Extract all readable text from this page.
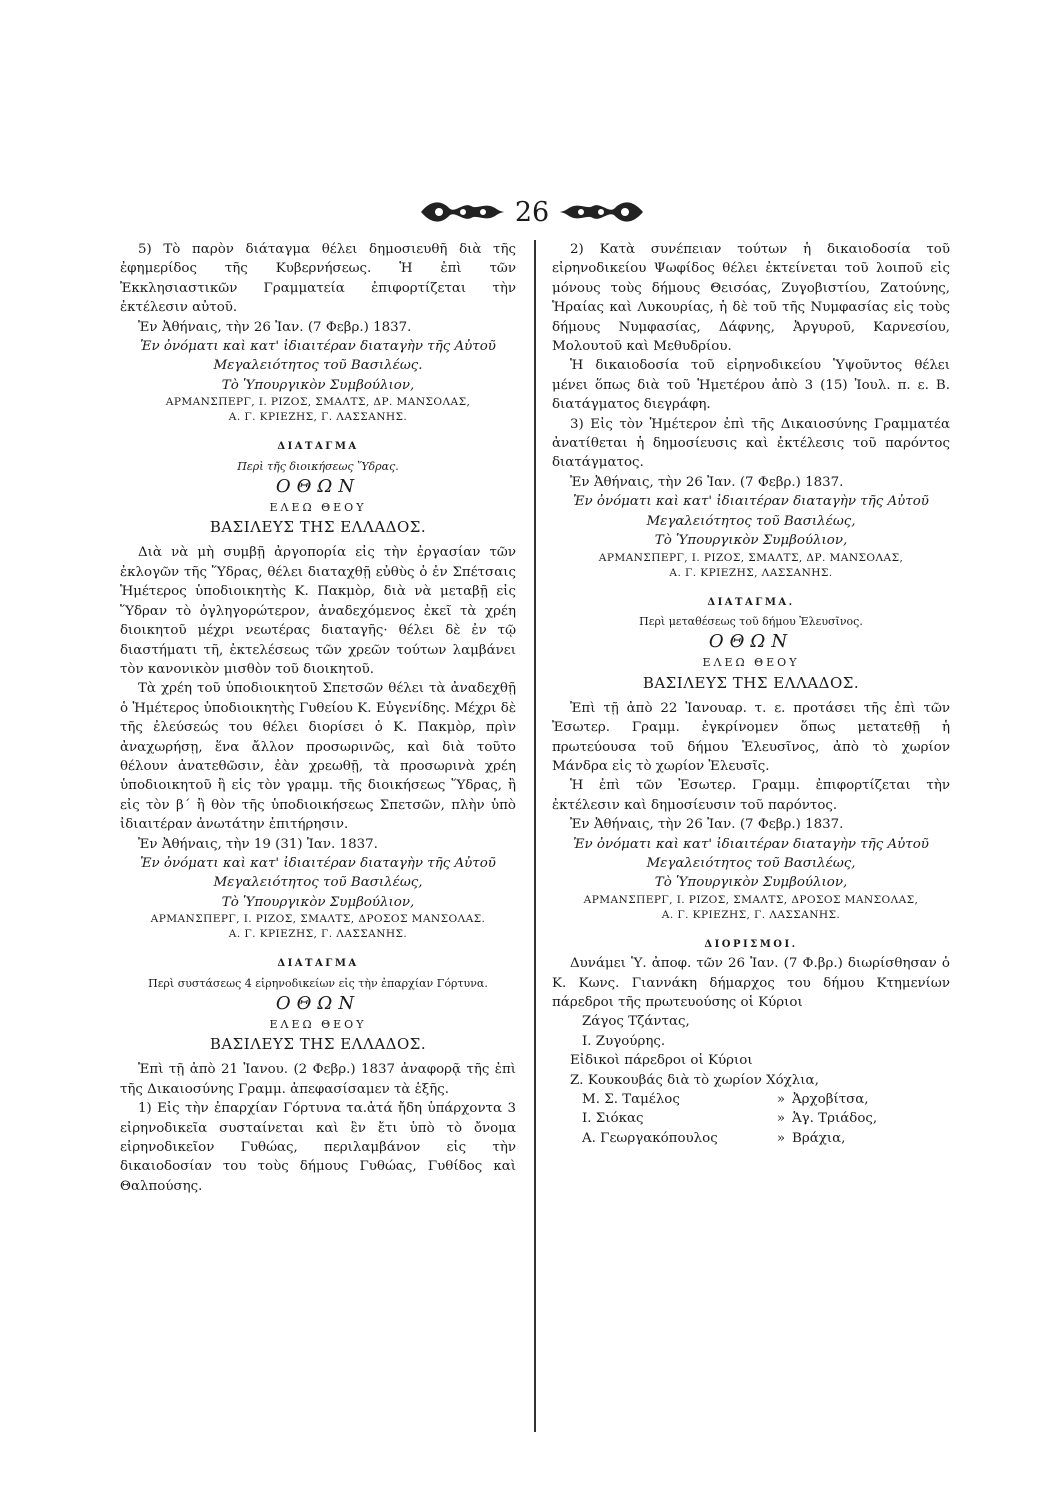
26

5) Τὸ παρὸν διάταγμα θέλει δημοσιευθῆ διὰ τῆς ἐφημερίδος τῆς Κυβερνήσεως. Ἡ ἐπὶ τῶν Ἐκκλησιαστικῶν Γραμματεία ἐπιφορτίζεται τὴν ἐκτέλεσιν αὐτοῦ.

Ἐν Ἀθήναις, τὴν 26 Ἰαν. (7 Φεβρ.) 1837.

Ἐν ὀνόματι καὶ κατ' ἰδιαιτέραν διαταγὴν τῆς Αὐτοῦ

Μεγαλειότητος τοῦ Βασιλέως.

Τὸ Ὑπουργικὸν Συμβούλιον,

ΑΡΜΑΝΣΠΕΡΓ, Ι. ΡΙΖΟΣ, ΣΜΑΛΤΣ, ΔΡ. ΜΑΝΣΟΛΑΣ,

Α. Γ. ΚΡΙΕΖΗΣ, Γ. ΛΑΣΣΑΝΗΣ.

ΔΙΑΤΑΓΜΑ

Περὶ τῆς διοικήσεως Ὕδρας.

ΟΘΩΝ

ΕΛΕΩ ΘΕΟΥ

ΒΑΣΙΛΕΥΣ ΤΗΣ ΕΛΛΑΔΟΣ.

Διὰ νὰ μὴ συμβῇ ἀργοπορία εἰς τὴν ἐργασίαν τῶν ἐκλογῶν τῆς Ὕδρας, θέλει διαταχθῇ εὐθὺς ὁ ἐν Σπέτσαις Ἡμέτερος ὑποδιοικητὴς Κ. Πακμὸρ, διὰ νὰ μεταβῇ εἰς Ὕδραν τὸ ὀγληγορώτερον, ἀναδεχόμενος ἐκεῖ τὰ χρέη διοικητοῦ μέχρι νεωτέρας διαταγῆς· θέλει δὲ ἐν τῷ διαστήματι τῆ, ἐκτελέσεως τῶν χρεῶν τούτων λαμβάνει τὸν κανονικὸν μισθὸν τοῦ διοικητοῦ.

Τὰ χρέη τοῦ ὑποδιοικητοῦ Σπετσῶν θέλει τὰ ἀναδεχθῇ ὁ Ἡμέτερος ὑποδιοικητὴς Γυθείου Κ. Εὐγενίδης. Μέχρι δὲ τῆς ἐλεύσεώς του θέλει διορίσει ὁ Κ. Πακμὸρ, πρὶν ἀναχωρήσῃ, ἕνα ἄλλον προσωρινῶς, καὶ διὰ τοῦτο θέλουν ἀνατεθῶσιν, ἐὰν χρεωθῇ, τὰ προσωρινὰ χρέη ὑποδιοικητοῦ ἢ εἰς τὸν γραμμ. τῆς διοικήσεως Ὕδρας, ἢ εἰς τὸν β΄ ἢ θὸν τῆς ὑποδιοικήσεως Σπετσῶν, πλὴν ὑπὸ ἰδιαιτέραν ἀνωτάτην ἐπιτήρησιν.

Ἐν Ἀθήναις, τὴν 19 (31) Ἰαν. 1837.

Ἐν ὀνόματι καὶ κατ' ἰδιαιτέραν διαταγὴν τῆς Αὐτοῦ

Μεγαλειότητος τοῦ Βασιλέως,

Τὸ Ὑπουργικὸν Συμβούλιον,

ΑΡΜΑΝΣΠΕΡΓ, Ι. ΡΙΖΟΣ, ΣΜΑΛΤΣ, ΔΡΟΣΟΣ ΜΑΝΣΟΛΑΣ.

Α. Γ. ΚΡΙΕΖΗΣ, Γ. ΛΑΣΣΑΝΗΣ.

ΔΙΑΤΑΓΜΑ

Περὶ συστάσεως 4 εἰρηνοδικείων εἰς τὴν ἐπαρχίαν Γόρτυνα.

ΟΘΩΝ

ΕΛΕΩ ΘΕΟΥ

ΒΑΣΙΛΕΥΣ ΤΗΣ ΕΛΛΑΔΟΣ.

Ἐπὶ τῇ ἀπὸ 21 Ἰανου. (2 Φεβρ.) 1837 ἀναφορᾷ τῆς ἐπὶ τῆς Δικαιοσύνης Γραμμ. ἀπεφασίσαμεν τὰ ἑξῆς.

1) Εἰς τὴν ἐπαρχίαν Γόρτυνα τα.ἀτά ἤδη ὑπάρχοντα 3 εἰρηνοδικεῖα συσταίνεται καὶ ἓν ἔτι ὑπὸ τὸ ὄνομα εἰρηνοδικεῖον Γυθώας, περιλαμβάνον εἰς τὴν δικαιοδοσίαν του τοὺς δήμους Γυθώας, Γυθίδος καὶ Θαλπούσης.

2) Κατὰ συνέπειαν τούτων ἡ δικαιοδοσία τοῦ εἰρηνοδικείου Ψωφίδος θέλει ἐκτείνεται τοῦ λοιποῦ εἰς μόνους τοὺς δήμους Θεισόας, Ζυγοβιστίου, Ζατούνης, Ἡραίας καὶ Λυκουρίας, ἡ δὲ τοῦ τῆς Νυμφασίας εἰς τοὺς δήμους Νυμφασίας, Δάφνης, Ἀργυροῦ, Καρνεσίου, Μολουτοῦ καὶ Μεθυδρίου.

Ἡ δικαιοδοσία τοῦ εἰρηνοδικείου Ὑψοῦντος θέλει μένει ὅπως διὰ τοῦ Ἡμετέρου ἀπὸ 3 (15) Ἰουλ. π. ε. Β. διατάγματος διεγράφη.

3) Εἰς τὸν Ἡμέτερον ἐπὶ τῆς Δικαιοσύνης Γραμματέα ἀνατίθεται ἡ δημοσίευσις καὶ ἐκτέλεσις τοῦ παρόντος διατάγματος.

Ἐν Ἀθήναις, τὴν 26 Ἰαν. (7 Φεβρ.) 1837.

Ἐν ὀνόματι καὶ κατ' ἰδιαιτέραν διαταγὴν τῆς Αὐτοῦ

Μεγαλειότητος τοῦ Βασιλέως,

Τὸ Ὑπουργικὸν Συμβούλιον,

ΑΡΜΑΝΣΠΕΡΓ, Ι. ΡΙΖΟΣ, ΣΜΑΛΤΣ, ΔΡ. ΜΑΝΣΟΛΑΣ,

Α. Γ. ΚΡΙΕΖΗΣ, ΛΑΣΣΑΝΗΣ.

ΔΙΑΤΑΓΜΑ.

Περὶ μεταθέσεως τοῦ δήμου Ἐλευσῖνος.

ΟΘΩΝ

ΕΛΕΩ ΘΕΟΥ

ΒΑΣΙΛΕΥΣ ΤΗΣ ΕΛΛΑΔΟΣ.

Ἐπὶ τῇ ἀπὸ 22 Ἰανουαρ. τ. ε. προτάσει τῆς ἐπὶ τῶν Ἐσωτερ. Γραμμ. ἐγκρίνομεν ὅπως μετατεθῇ ἡ πρωτεύουσα τοῦ δήμου Ἐλευσῖνος, ἀπὸ τὸ χωρίον Μάνδρα εἰς τὸ χωρίον Ἐλευσῖς.

Ἡ ἐπὶ τῶν Ἐσωτερ. Γραμμ. ἐπιφορτίζεται τὴν ἐκτέλεσιν καὶ δημοσίευσιν τοῦ παρόντος.

Ἐν Ἀθήναις, τὴν 26 Ἰαν. (7 Φεβρ.) 1837.

Ἐν ὀνόματι καὶ κατ' ἰδιαιτέραν διαταγὴν τῆς Αὐτοῦ

Μεγαλειότητος τοῦ Βασιλέως,

Τὸ Ὑπουργικὸν Συμβούλιον,

ΑΡΜΑΝΣΠΕΡΓ, Ι. ΡΙΖΟΣ, ΣΜΑΛΤΣ, ΔΡΟΣΟΣ ΜΑΝΣΟΛΑΣ,

Α. Γ. ΚΡΙΕΖΗΣ, Γ. ΛΑΣΣΑΝΗΣ.

ΔΙΟΡΙΣΜΟΙ.

Δυνάμει Ὑ. ἀποφ. τῶν 26 Ἰαν. (7 Φ.βρ.) διωρίσθησαν ὁ Κ. Κωνς. Γιαννάκη δήμαρχος του δήμου Κτημενίων πάρεδροι τῆς πρωτευούσης οἱ Κύριοι

Ζάγος Τζάντας,

Ι. Ζυγούρης.

Εἰδικοὶ πάρεδροι οἱ Κύριοι

Ζ. Κουκουβάς διὰ τὸ χωρίον Χόχλια,

Μ. Σ. Ταμέλος	» Ἀρχοβίτσα,
Ι. Σιόκας	» Ἁγ. Τριάδος,
Α. Γεωργακόπουλος	» Βράχια,
